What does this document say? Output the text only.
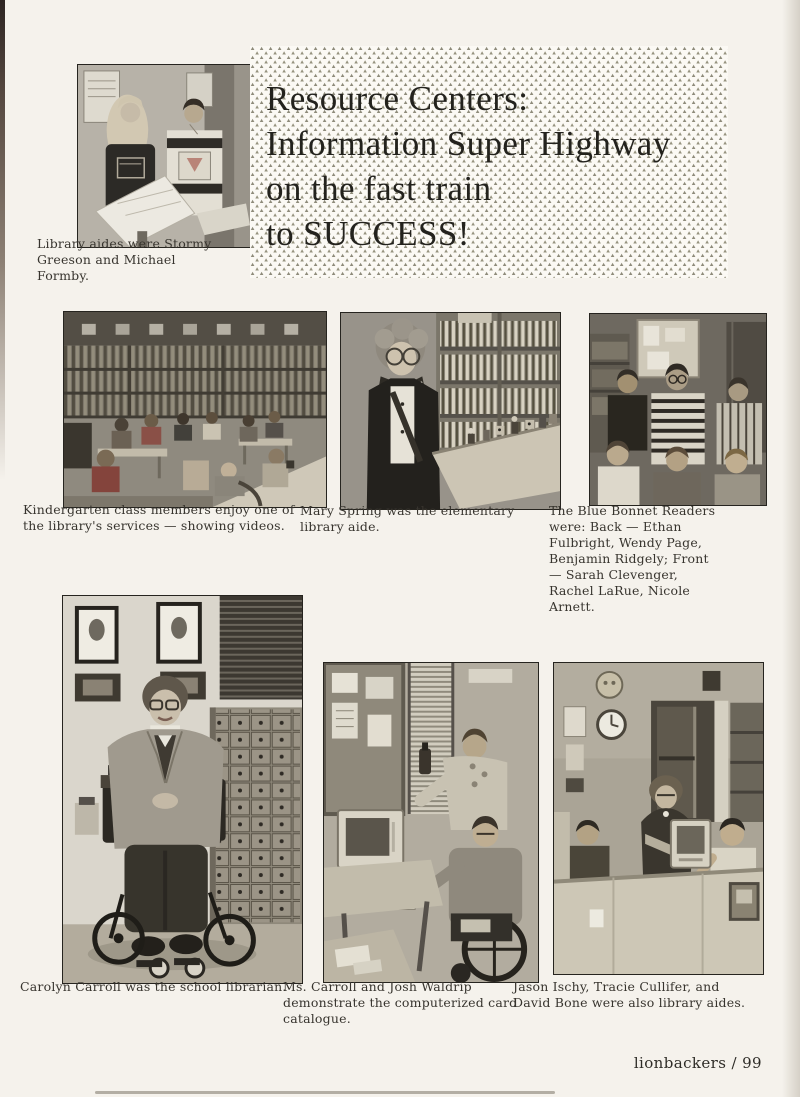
Library aides were Stormy Greeson and Michael Formby.

Resource Centers:
Information Super Highway
on the fast train
to SUCCESS!

Kindergarten class members enjoy one of the library's services — showing videos.

Mary Spring was the elementary library aide.

The Blue Bonnet Readers were: Back — Ethan Fulbright, Wendy Page, Benjamin Ridgely; Front — Sarah Clevenger, Rachel LaRue, Nicole Arnett.

Carolyn Carroll was the school librarian.

Ms. Carroll and Josh Waldrip demonstrate the computerized card catalogue.

Jason Ischy, Tracie Cullifer, and David Bone were also library aides.

lionbackers / 99
